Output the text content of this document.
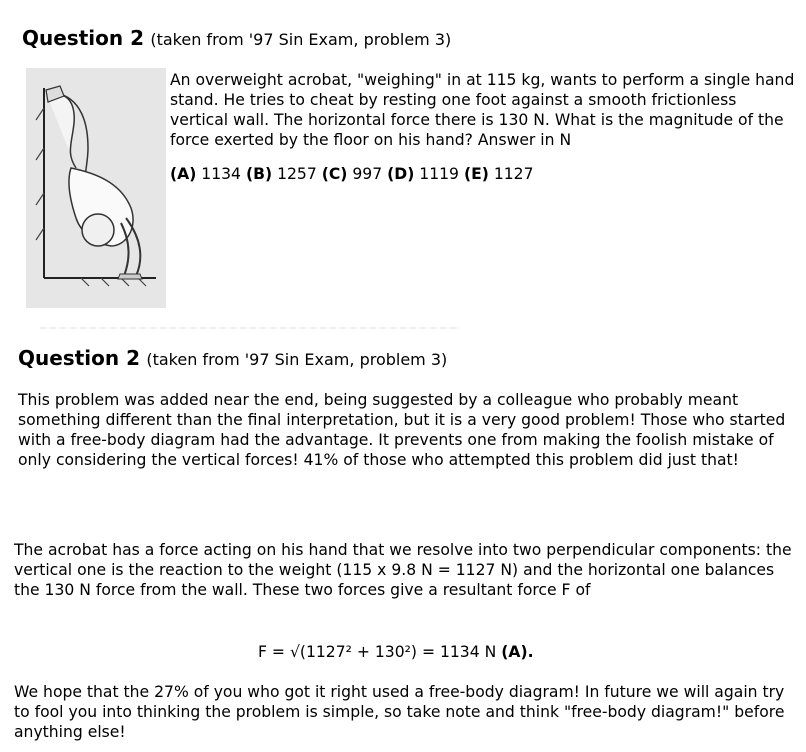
Question 2 (taken from '97 Sin Exam, problem 3)

An overweight acrobat, "weighing" in at 115 kg, wants to perform a single hand stand. He tries to cheat by resting one foot against a smooth frictionless vertical wall. The horizontal force there is 130 N. What is the magnitude of the force exerted by the floor on his hand? Answer in N

(A) 1134 (B) 1257 (C) 997 (D) 1119 (E) 1127

Question 2 (taken from '97 Sin Exam, problem 3)

This problem was added near the end, being suggested by a colleague who probably meant something different than the final interpretation, but it is a very good problem! Those who started with a free-body diagram had the advantage. It prevents one from making the foolish mistake of only considering the vertical forces! 41% of those who attempted this problem did just that!

The acrobat has a force acting on his hand that we resolve into two perpendicular components: the vertical one is the reaction to the weight (115 x 9.8 N = 1127 N) and the horizontal one balances the 130 N force from the wall. These two forces give a resultant force F of

F = √(1127² + 130²) = 1134 N (A).

We hope that the 27% of you who got it right used a free-body diagram! In future we will again try to fool you into thinking the problem is simple, so take note and think "free-body diagram!" before anything else!
